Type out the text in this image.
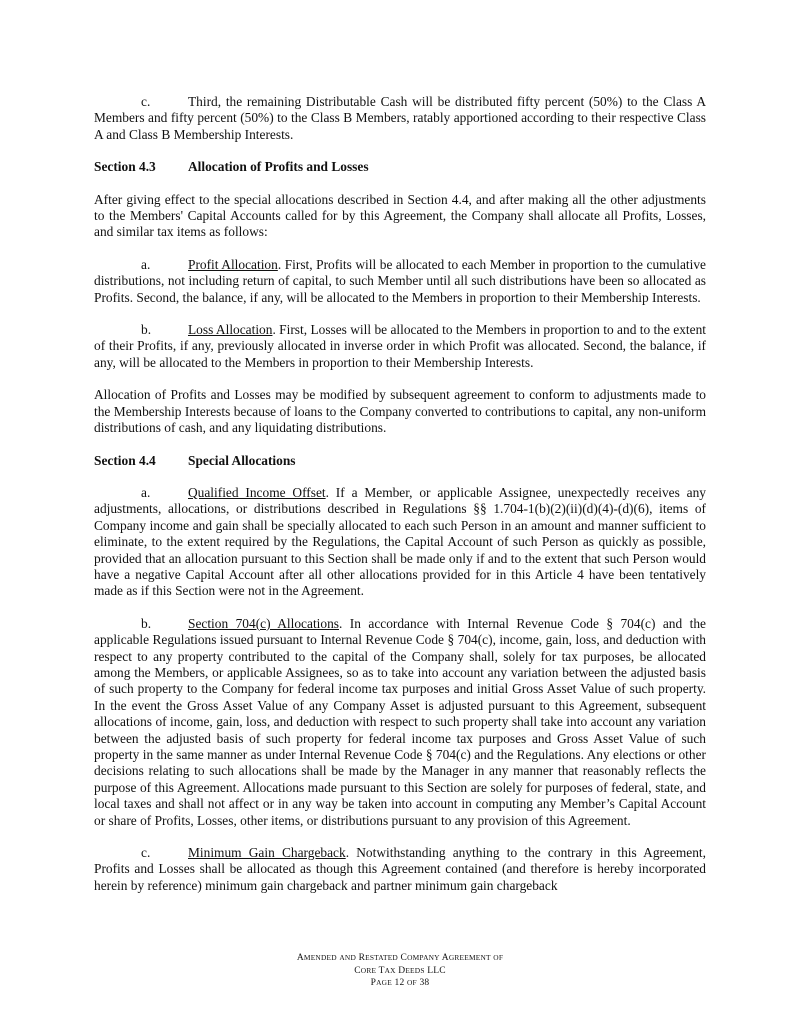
c.	Third, the remaining Distributable Cash will be distributed fifty percent (50%) to the Class A Members and fifty percent (50%) to the Class B Members, ratably apportioned according to their respective Class A and Class B Membership Interests.

Section 4.3 Allocation of Profits and Losses

After giving effect to the special allocations described in Section 4.4, and after making all the other adjustments to the Members' Capital Accounts called for by this Agreement, the Company shall allocate all Profits, Losses, and similar tax items as follows:

a.	Profit Allocation. First, Profits will be allocated to each Member in proportion to the cumulative distributions, not including return of capital, to such Member until all such distributions have been so allocated as Profits. Second, the balance, if any, will be allocated to the Members in proportion to their Membership Interests.

b.	Loss Allocation. First, Losses will be allocated to the Members in proportion to and to the extent of their Profits, if any, previously allocated in inverse order in which Profit was allocated. Second, the balance, if any, will be allocated to the Members in proportion to their Membership Interests.

Allocation of Profits and Losses may be modified by subsequent agreement to conform to adjustments made to the Membership Interests because of loans to the Company converted to contributions to capital, any non-uniform distributions of cash, and any liquidating distributions.

Section 4.4 Special Allocations

a.	Qualified Income Offset. If a Member, or applicable Assignee, unexpectedly receives any adjustments, allocations, or distributions described in Regulations §§ 1.704-1(b)(2)(ii)(d)(4)-(d)(6), items of Company income and gain shall be specially allocated to each such Person in an amount and manner sufficient to eliminate, to the extent required by the Regulations, the Capital Account of such Person as quickly as possible, provided that an allocation pursuant to this Section shall be made only if and to the extent that such Person would have a negative Capital Account after all other allocations provided for in this Article 4 have been tentatively made as if this Section were not in the Agreement.

b.	Section 704(c) Allocations. In accordance with Internal Revenue Code § 704(c) and the applicable Regulations issued pursuant to Internal Revenue Code § 704(c), income, gain, loss, and deduction with respect to any property contributed to the capital of the Company shall, solely for tax purposes, be allocated among the Members, or applicable Assignees, so as to take into account any variation between the adjusted basis of such property to the Company for federal income tax purposes and initial Gross Asset Value of such property. In the event the Gross Asset Value of any Company Asset is adjusted pursuant to this Agreement, subsequent allocations of income, gain, loss, and deduction with respect to such property shall take into account any variation between the adjusted basis of such property for federal income tax purposes and Gross Asset Value of such property in the same manner as under Internal Revenue Code § 704(c) and the Regulations. Any elections or other decisions relating to such allocations shall be made by the Manager in any manner that reasonably reflects the purpose of this Agreement. Allocations made pursuant to this Section are solely for purposes of federal, state, and local taxes and shall not affect or in any way be taken into account in computing any Member’s Capital Account or share of Profits, Losses, other items, or distributions pursuant to any provision of this Agreement.

c.	Minimum Gain Chargeback. Notwithstanding anything to the contrary in this Agreement, Profits and Losses shall be allocated as though this Agreement contained (and therefore is hereby incorporated herein by reference) minimum gain chargeback and partner minimum gain chargeback

AMENDED AND RESTATED COMPANY AGREEMENT OF
CORE TAX DEEDS LLC
PAGE 12 OF 38
